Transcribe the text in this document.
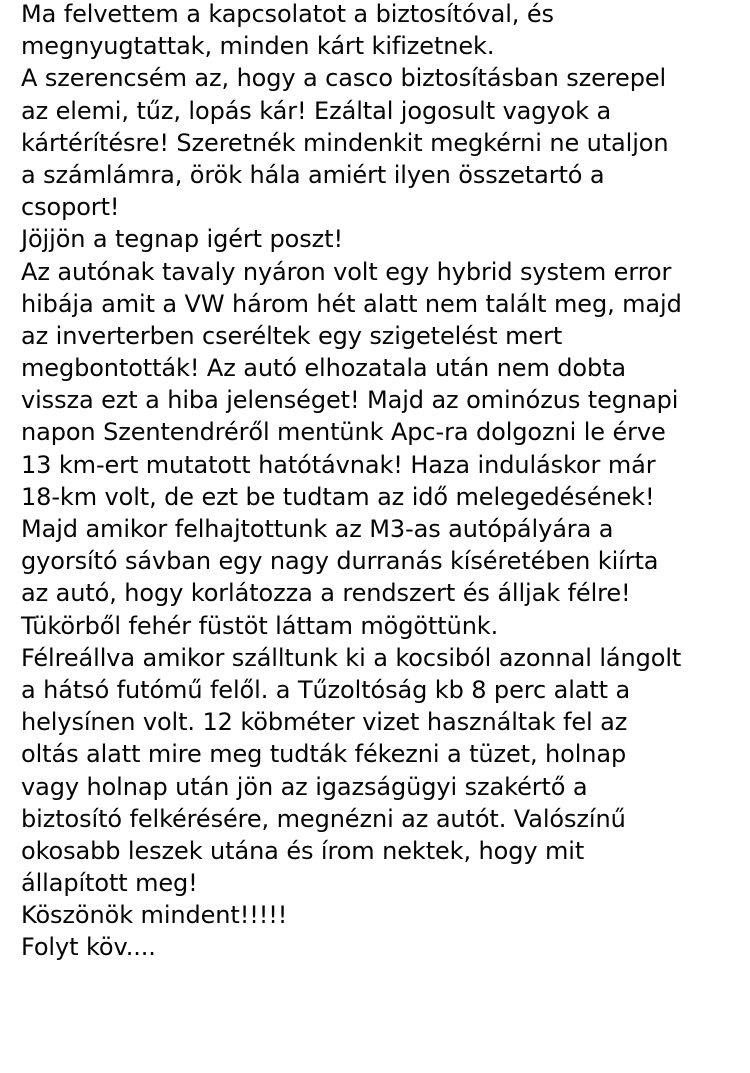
Ma felvettem a kapcsolatot a biztosítóval, és
megnyugtattak, minden kárt kifizetnek.
A szerencsém az, hogy a casco biztosításban szerepel
az elemi, tűz, lopás kár! Ezáltal jogosult vagyok a
kártérítésre! Szeretnék mindenkit megkérni ne utaljon
a számlámra, örök hála amiért ilyen összetartó a
csoport!
Jöjjön a tegnap igért poszt!
Az autónak tavaly nyáron volt egy hybrid system error
hibája amit a VW három hét alatt nem talált meg, majd
az inverterben cseréltek egy szigetelést mert
megbontották! Az autó elhozatala után nem dobta
vissza ezt a hiba jelenséget! Majd az ominózus tegnapi
napon Szentendréről mentünk Apc-ra dolgozni le érve
13 km-ert mutatott hatótávnak! Haza induláskor már
18-km volt, de ezt be tudtam az idő melegedésének!
Majd amikor felhajtottunk az M3-as autópályára a
gyorsító sávban egy nagy durranás kíséretében kiírta
az autó, hogy korlátozza a rendszert és álljak félre!
Tükörből fehér füstöt láttam mögöttünk.
Félreállva amikor szálltunk ki a kocsiból azonnal lángolt
a hátsó futómű felől. a Tűzoltóság kb 8 perc alatt a
helysínen volt. 12 köbméter vizet használtak fel az
oltás alatt mire meg tudták fékezni a tüzet, holnap
vagy holnap után jön az igazságügyi szakértő a
biztosító felkérésére, megnézni az autót. Valószínű
okosabb leszek utána és írom nektek, hogy mit
állapított meg!
Köszönök mindent!!!!!
Folyt köv....
